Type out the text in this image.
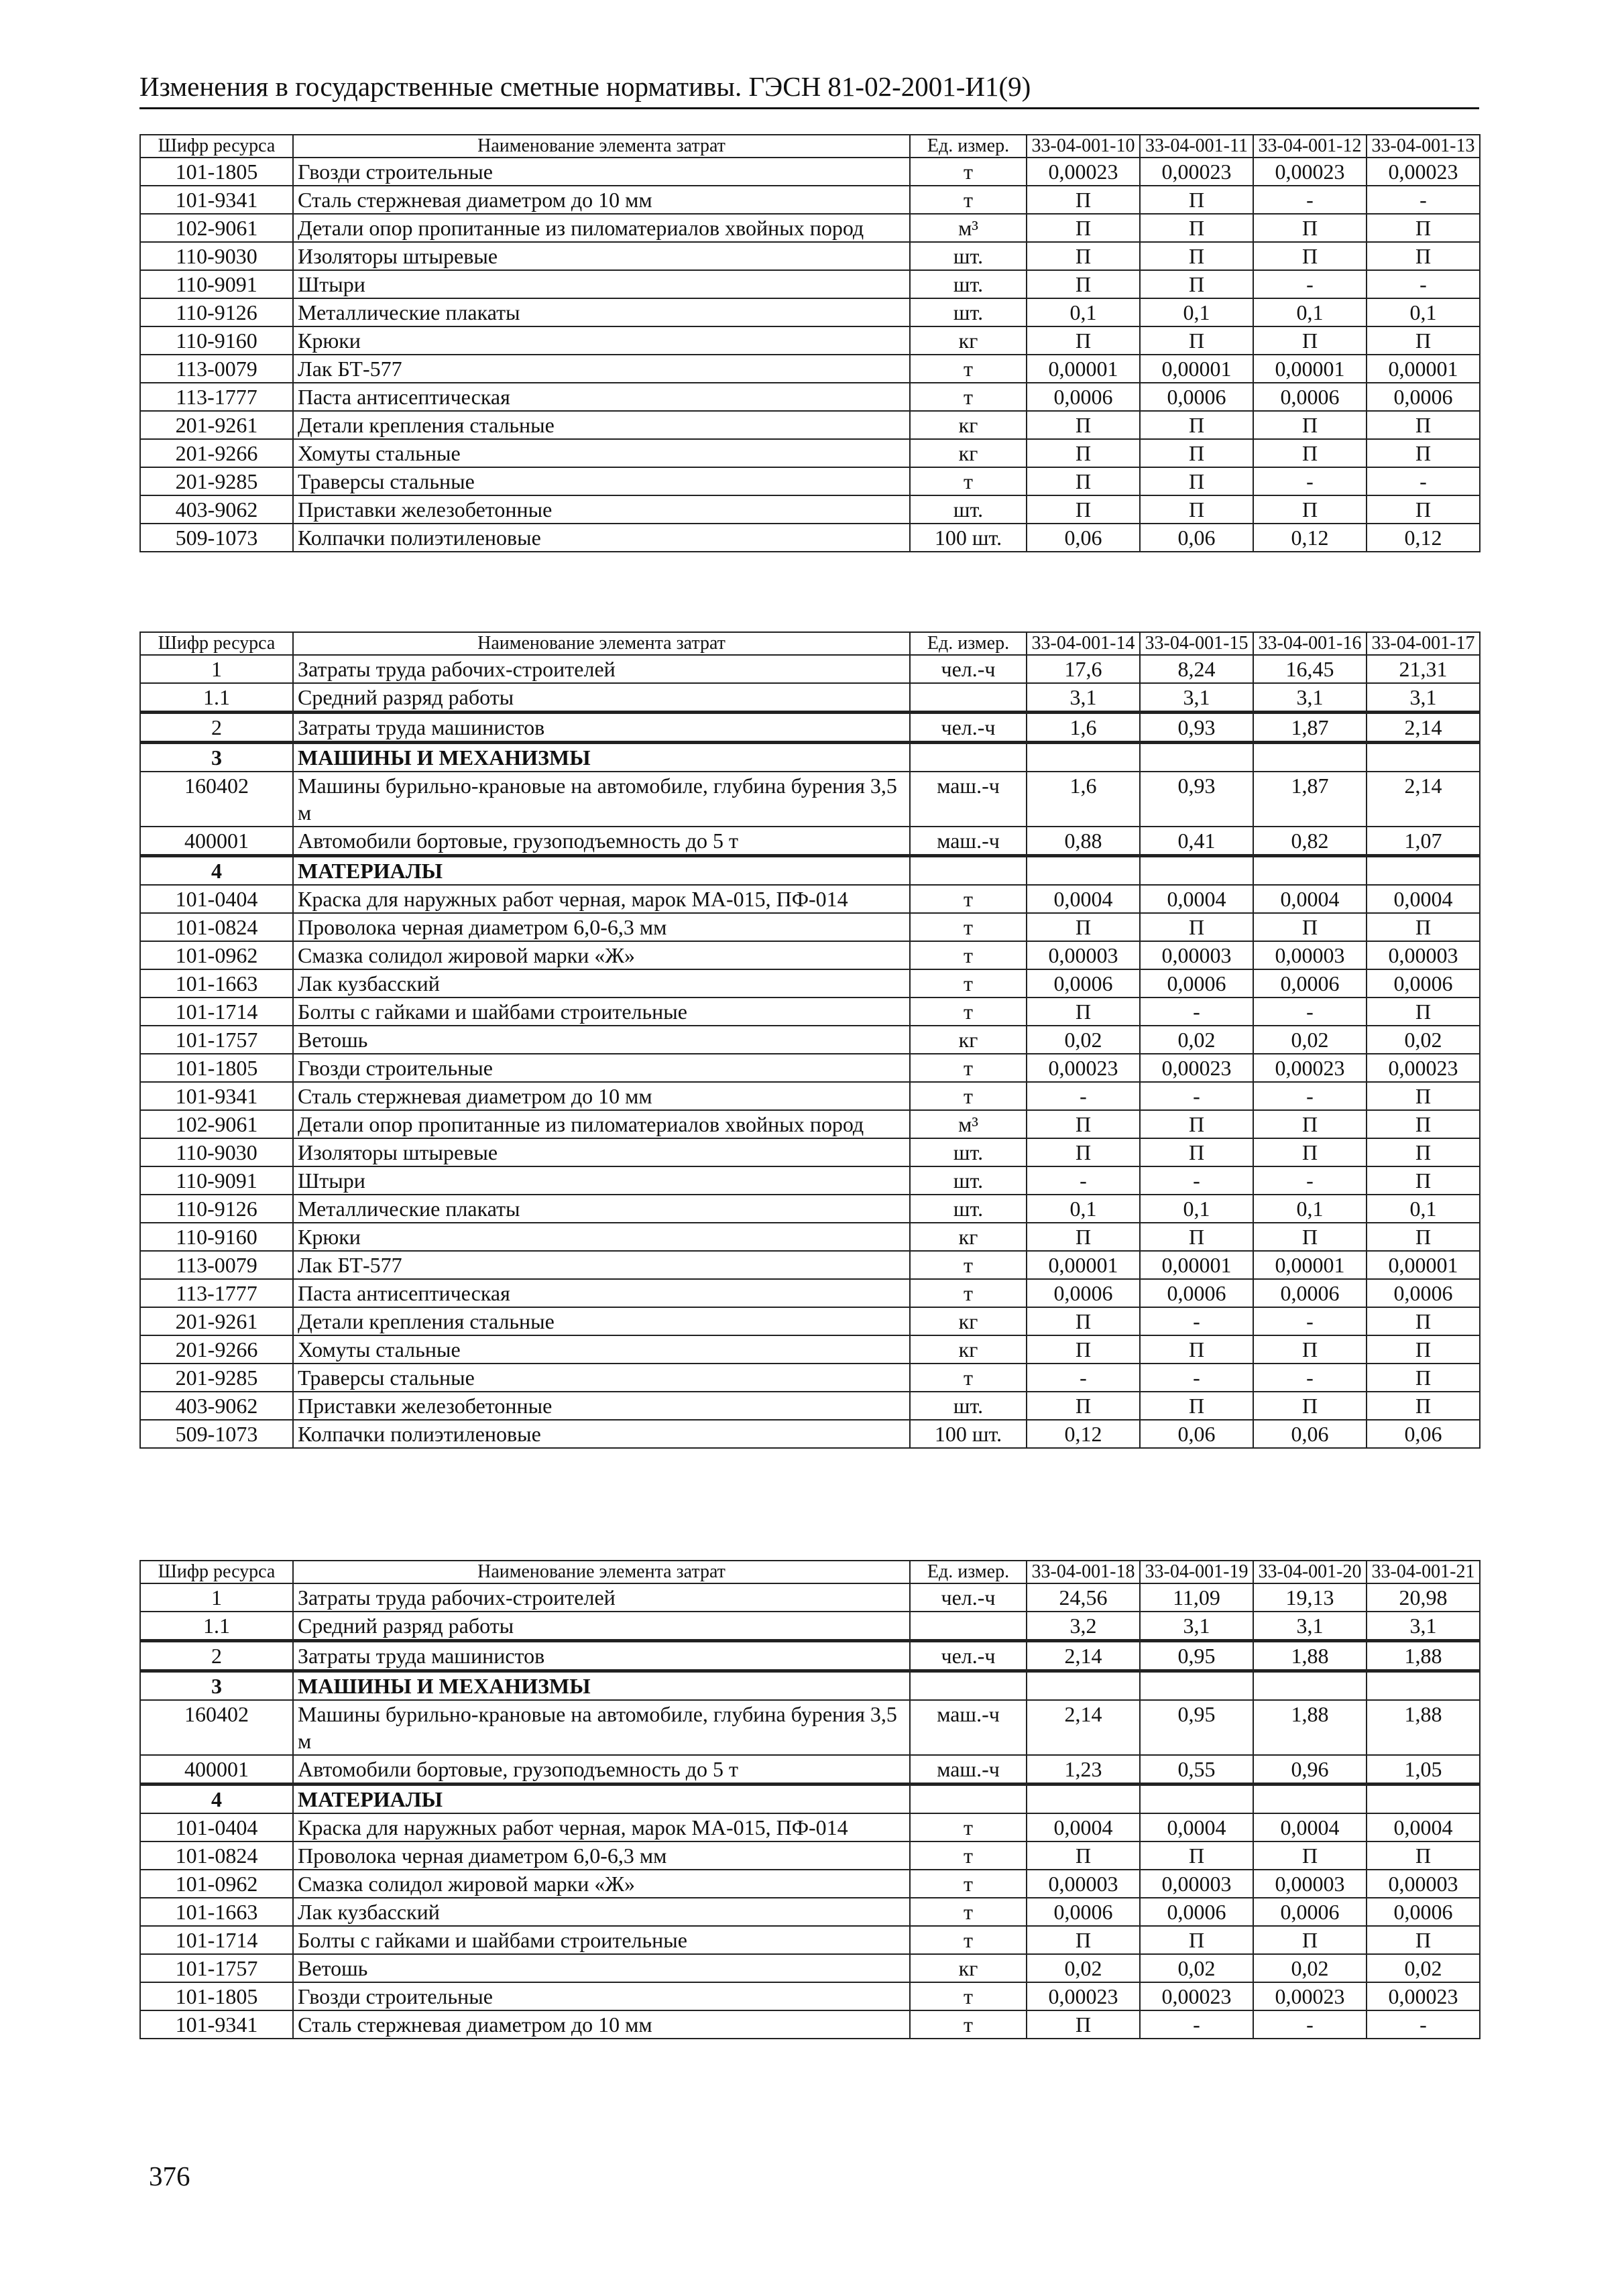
Изменения в государственные сметные нормативы. ГЭСН 81-02-2001-И1(9)
Шифр ресурса	Наименование элемента затрат	Ед. измер.	33-04-001-10	33-04-001-11	33-04-001-12	33-04-001-13
101-1805	Гвозди строительные	т	0,00023	0,00023	0,00023	0,00023
101-9341	Сталь стержневая диаметром до 10 мм	т	П	П	-	-
102-9061	Детали опор пропитанные из пиломатериалов хвойных пород	м³	П	П	П	П
110-9030	Изоляторы штыревые	шт.	П	П	П	П
110-9091	Штыри	шт.	П	П	-	-
110-9126	Металлические плакаты	шт.	0,1	0,1	0,1	0,1
110-9160	Крюки	кг	П	П	П	П
113-0079	Лак БТ-577	т	0,00001	0,00001	0,00001	0,00001
113-1777	Паста антисептическая	т	0,0006	0,0006	0,0006	0,0006
201-9261	Детали крепления стальные	кг	П	П	П	П
201-9266	Хомуты стальные	кг	П	П	П	П
201-9285	Траверсы стальные	т	П	П	-	-
403-9062	Приставки железобетонные	шт.	П	П	П	П
509-1073	Колпачки полиэтиленовые	100 шт.	0,06	0,06	0,12	0,12
Шифр ресурса	Наименование элемента затрат	Ед. измер.	33-04-001-14	33-04-001-15	33-04-001-16	33-04-001-17
1	Затраты труда рабочих-строителей	чел.-ч	17,6	8,24	16,45	21,31
1.1	Средний разряд работы		3,1	3,1	3,1	3,1
2	Затраты труда машинистов	чел.-ч	1,6	0,93	1,87	2,14
3	МАШИНЫ И МЕХАНИЗМЫ					
160402	Машины бурильно-крановые на автомобиле, глубина бурения 3,5 м	маш.-ч	1,6	0,93	1,87	2,14
400001	Автомобили бортовые, грузоподъемность до 5 т	маш.-ч	0,88	0,41	0,82	1,07
4	МАТЕРИАЛЫ					
101-0404	Краска для наружных работ черная, марок МА-015, ПФ-014	т	0,0004	0,0004	0,0004	0,0004
101-0824	Проволока черная диаметром 6,0-6,3 мм	т	П	П	П	П
101-0962	Смазка солидол жировой марки «Ж»	т	0,00003	0,00003	0,00003	0,00003
101-1663	Лак кузбасский	т	0,0006	0,0006	0,0006	0,0006
101-1714	Болты с гайками и шайбами строительные	т	П	-	-	П
101-1757	Ветошь	кг	0,02	0,02	0,02	0,02
101-1805	Гвозди строительные	т	0,00023	0,00023	0,00023	0,00023
101-9341	Сталь стержневая диаметром до 10 мм	т	-	-	-	П
102-9061	Детали опор пропитанные из пиломатериалов хвойных пород	м³	П	П	П	П
110-9030	Изоляторы штыревые	шт.	П	П	П	П
110-9091	Штыри	шт.	-	-	-	П
110-9126	Металлические плакаты	шт.	0,1	0,1	0,1	0,1
110-9160	Крюки	кг	П	П	П	П
113-0079	Лак БТ-577	т	0,00001	0,00001	0,00001	0,00001
113-1777	Паста антисептическая	т	0,0006	0,0006	0,0006	0,0006
201-9261	Детали крепления стальные	кг	П	-	-	П
201-9266	Хомуты стальные	кг	П	П	П	П
201-9285	Траверсы стальные	т	-	-	-	П
403-9062	Приставки железобетонные	шт.	П	П	П	П
509-1073	Колпачки полиэтиленовые	100 шт.	0,12	0,06	0,06	0,06
Шифр ресурса	Наименование элемента затрат	Ед. измер.	33-04-001-18	33-04-001-19	33-04-001-20	33-04-001-21
1	Затраты труда рабочих-строителей	чел.-ч	24,56	11,09	19,13	20,98
1.1	Средний разряд работы		3,2	3,1	3,1	3,1
2	Затраты труда машинистов	чел.-ч	2,14	0,95	1,88	1,88
3	МАШИНЫ И МЕХАНИЗМЫ					
160402	Машины бурильно-крановые на автомобиле, глубина бурения 3,5 м	маш.-ч	2,14	0,95	1,88	1,88
400001	Автомобили бортовые, грузоподъемность до 5 т	маш.-ч	1,23	0,55	0,96	1,05
4	МАТЕРИАЛЫ					
101-0404	Краска для наружных работ черная, марок МА-015, ПФ-014	т	0,0004	0,0004	0,0004	0,0004
101-0824	Проволока черная диаметром 6,0-6,3 мм	т	П	П	П	П
101-0962	Смазка солидол жировой марки «Ж»	т	0,00003	0,00003	0,00003	0,00003
101-1663	Лак кузбасский	т	0,0006	0,0006	0,0006	0,0006
101-1714	Болты с гайками и шайбами строительные	т	П	П	П	П
101-1757	Ветошь	кг	0,02	0,02	0,02	0,02
101-1805	Гвозди строительные	т	0,00023	0,00023	0,00023	0,00023
101-9341	Сталь стержневая диаметром до 10 мм	т	П	-	-	-
376
